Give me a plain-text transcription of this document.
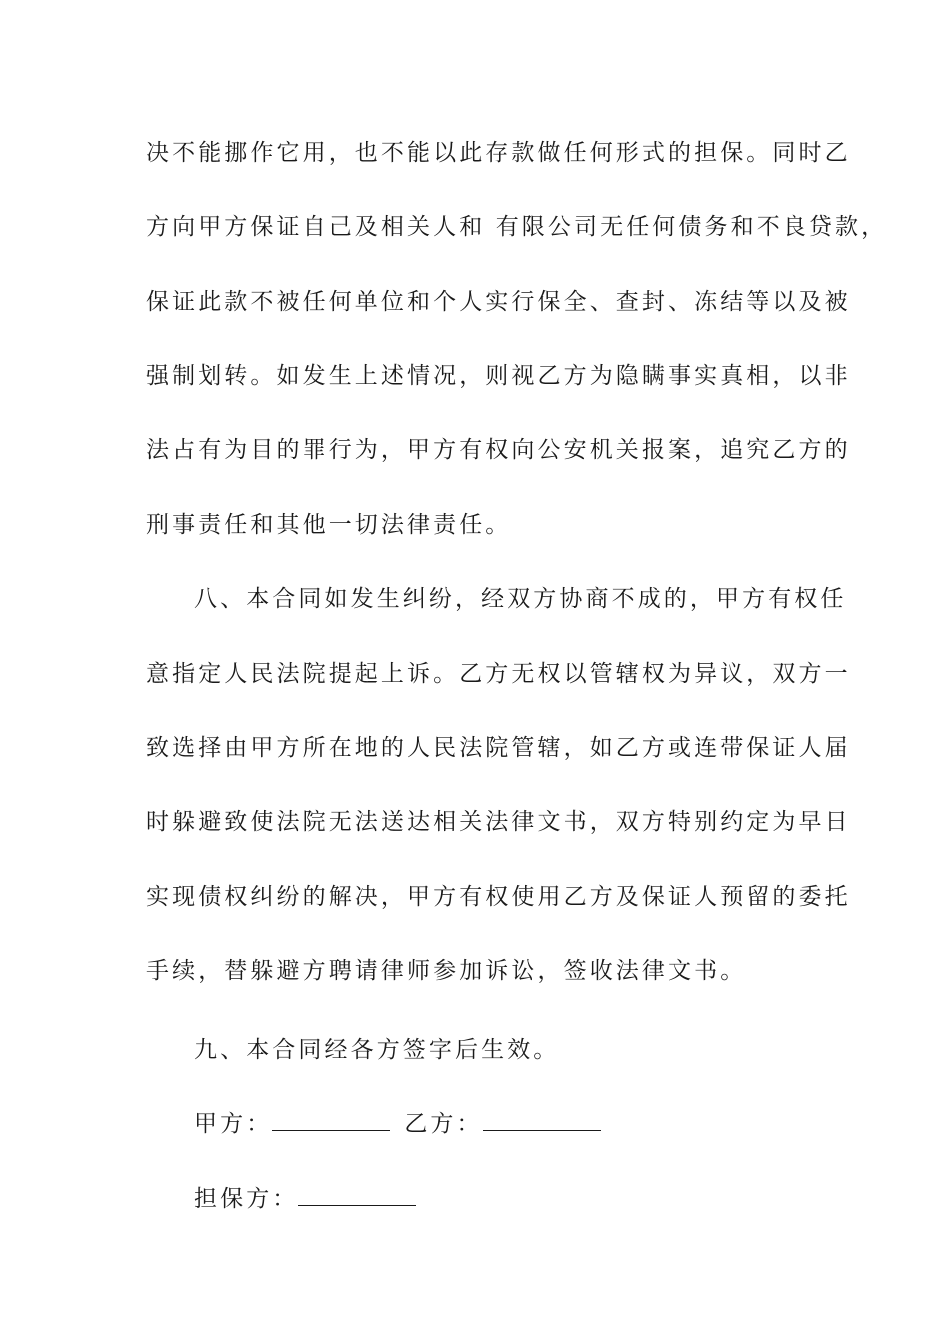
决不能挪作它用，也不能以此存款做任何形式的担保。同时乙
方向甲方保证自己及相关人和 有限公司无任何债务和不良贷款，
保证此款不被任何单位和个人实行保全、查封、冻结等以及被
强制划转。如发生上述情况，则视乙方为隐瞒事实真相，以非
法占有为目的罪行为，甲方有权向公安机关报案，追究乙方的
刑事责任和其他一切法律责任。
八、本合同如发生纠纷，经双方协商不成的，甲方有权任
意指定人民法院提起上诉。乙方无权以管辖权为异议，双方一
致选择由甲方所在地的人民法院管辖，如乙方或连带保证人届
时躲避致使法院无法送达相关法律文书，双方特别约定为早日
实现债权纠纷的解决，甲方有权使用乙方及保证人预留的委托
手续，替躲避方聘请律师参加诉讼，签收法律文书。
九、本合同经各方签字后生效。
甲方：	乙方：
担保方：
